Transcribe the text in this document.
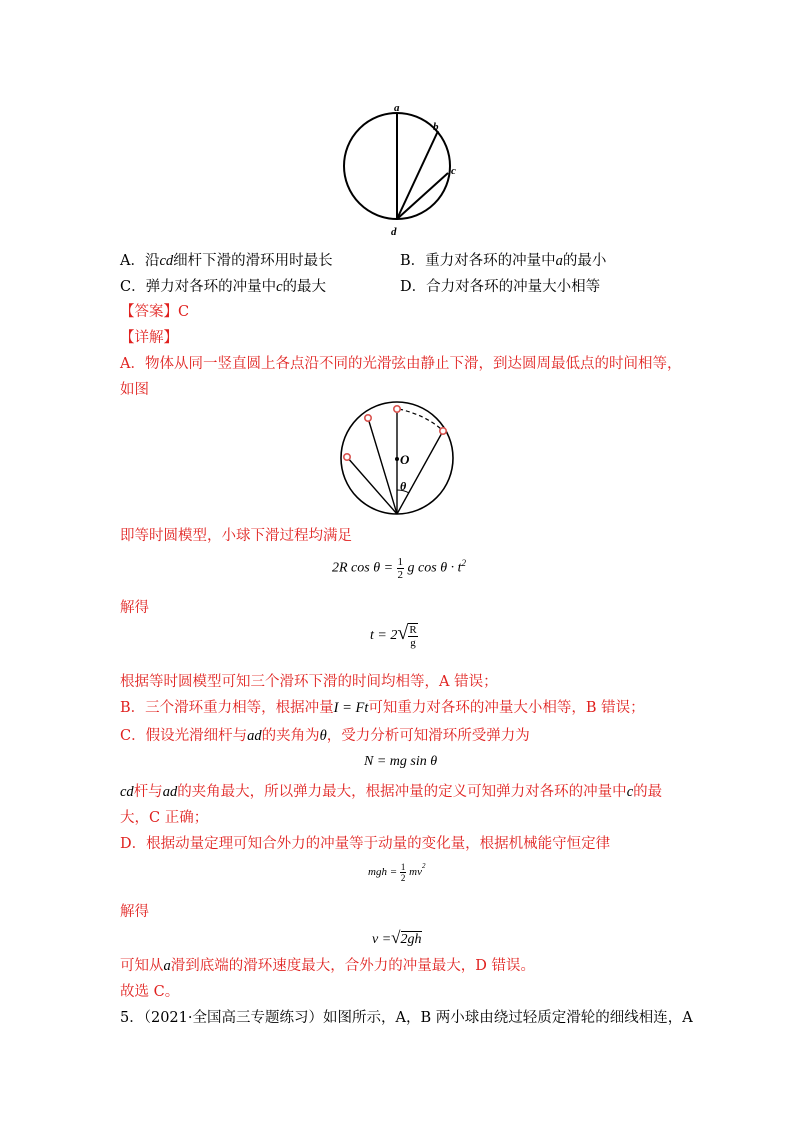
a
b
c
d
A．沿cd细杆下滑的滑环用时最长	B．重力对各环的冲量中a的最小
C．弹力对各环的冲量中c的最大	D．合力对各环的冲量大小相等
【答案】C
【详解】
A．物体从同一竖直圆上各点沿不同的光滑弦由静止下滑，到达圆周最低点的时间相等，
如图
O
θ
即等时圆模型，小球下滑过程均满足
2R $\cos \theta = \frac{1}{2}$ g $\cos \theta \cdot t^2$
解得
$t = 2√ \frac{R}{g}$
根据等时圆模型可知三个滑环下滑的时间均相等，A 错误；
B．三个滑环重力相等，根据冲量I = Ft可知重力对各环的冲量大小相等，B 错误；
C．假设光滑细杆与ad的夹角为θ，受力分析可知滑环所受弹力为
N = mg sin θ
cd杆与ad的夹角最大，所以弹力最大，根据冲量的定义可知弹力对各环的冲量中c的最
大，C 正确；
D．根据动量定理可知合外力的冲量等于动量的变化量，根据机械能守恒定律
mgh = $\frac{1}{2} mv^2$
解得
v =√2gh
可知从a滑到底端的滑环速度最大，合外力的冲量最大，D 错误。
故选 C。
5．（2021·全国高三专题练习）如图所示，A，B 两小球由绕过轻质定滑轮的细线相连，A
